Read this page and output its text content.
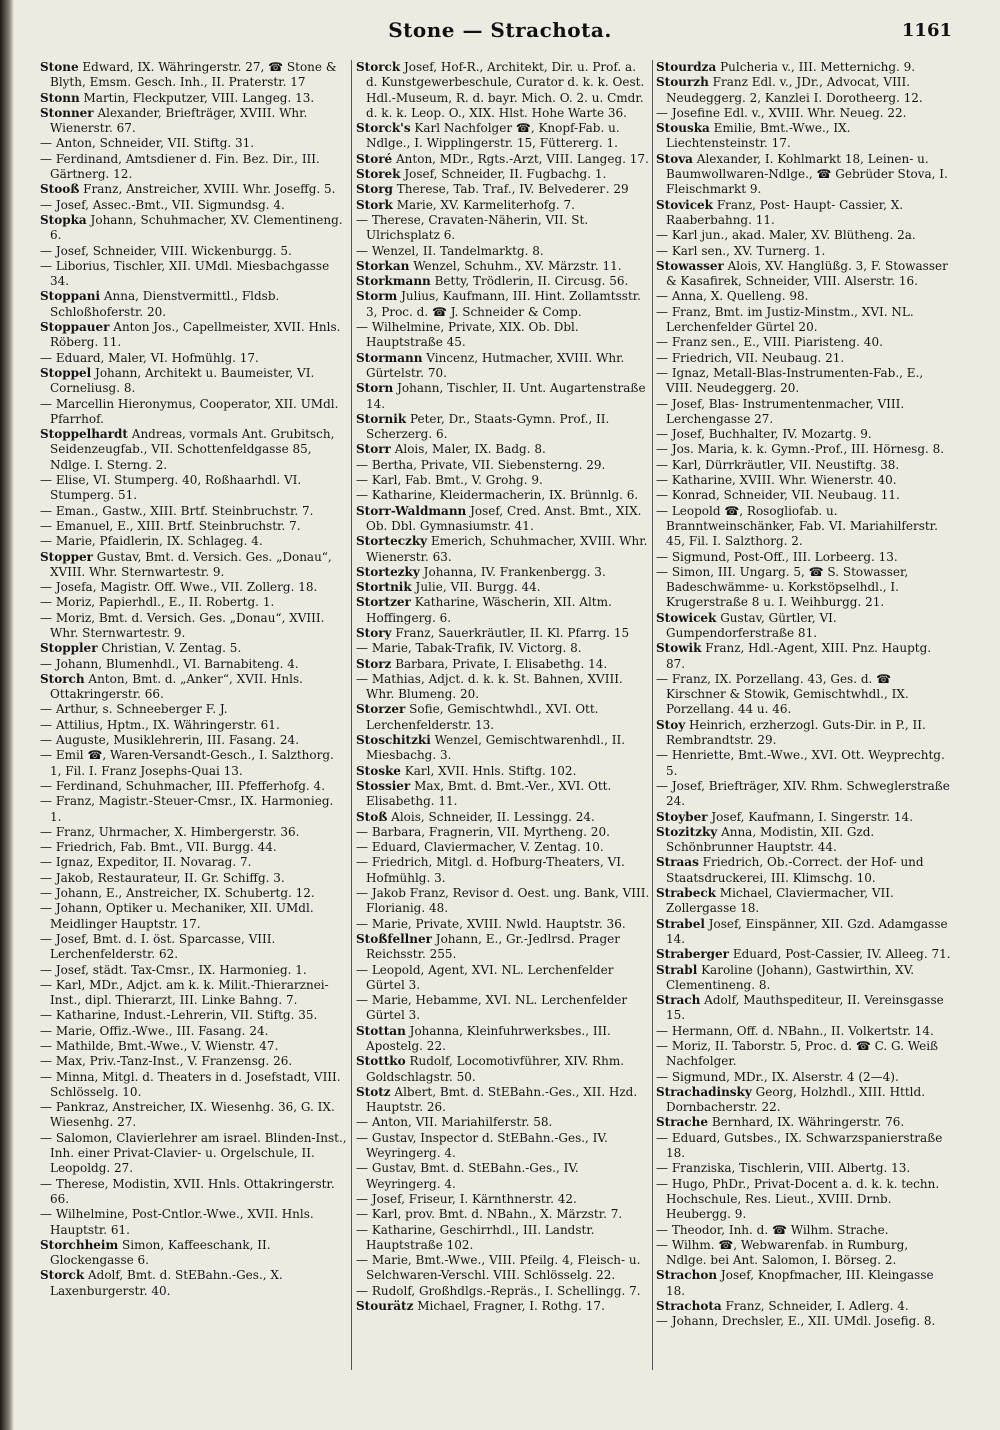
Stone — Strachota.	1161

Stone Edward, IX. Währingerstr. 27, ☎ Stone & Blyth, Emsm. Gesch. Inh., II. Praterstr. 17

Stonn Martin, Fleckputzer, VIII. Langeg. 13.

Stonner Alexander, Briefträger, XVIII. Whr. Wienerstr. 67.

— Anton, Schneider, VII. Stiftg. 31.

— Ferdinand, Amtsdiener d. Fin. Bez. Dir., III. Gärtnerg. 12.

Stooß Franz, Anstreicher, XVIII. Whr. Joseffg. 5.

— Josef, Assec.-Bmt., VII. Sigmundsg. 4.

Stopka Johann, Schuhmacher, XV. Clementineng. 6.

— Josef, Schneider, VIII. Wickenburgg. 5.

— Liborius, Tischler, XII. UMdl. Miesbachgasse 34.

Stoppani Anna, Dienstvermittl., Fldsb. Schloßhoferstr. 20.

Stoppauer Anton Jos., Capellmeister, XVII. Hnls. Röberg. 11.

— Eduard, Maler, VI. Hofmühlg. 17.

Stoppel Johann, Architekt u. Baumeister, VI. Corneliusg. 8.

— Marcellin Hieronymus, Cooperator, XII. UMdl. Pfarrhof.

Stoppelhardt Andreas, vormals Ant. Grubitsch, Seidenzeugfab., VII. Schottenfeldgasse 85, Ndlge. I. Sterng. 2.

— Elise, VI. Stumperg. 40, Roßhaarhdl. VI. Stumperg. 51.

— Eman., Gastw., XIII. Brtf. Steinbruchstr. 7.

— Emanuel, E., XIII. Brtf. Steinbruchstr. 7.

— Marie, Pfaidlerin, IX. Schlageg. 4.

Stopper Gustav, Bmt. d. Versich. Ges. „Donau“, XVIII. Whr. Sternwartestr. 9.

— Josefa, Magistr. Off. Wwe., VII. Zollerg. 18.

— Moriz, Papierhdl., E., II. Robertg. 1.

— Moriz, Bmt. d. Versich. Ges. „Donau“, XVIII. Whr. Sternwartestr. 9.

Stoppler Christian, V. Zentag. 5.

— Johann, Blumenhdl., VI. Barnabiteng. 4.

Storch Anton, Bmt. d. „Anker“, XVII. Hnls. Ottakringerstr. 66.

— Arthur, s. Schneeberger F. J.

— Attilius, Hptm., IX. Währingerstr. 61.

— Auguste, Musiklehrerin, III. Fasang. 24.

— Emil ☎, Waren-Versandt-Gesch., I. Salzthorg. 1, Fil. I. Franz Josephs-Quai 13.

— Ferdinand, Schuhmacher, III. Pfefferhofg. 4.

— Franz, Magistr.-Steuer-Cmsr., IX. Harmonieg. 1.

— Franz, Uhrmacher, X. Himbergerstr. 36.

— Friedrich, Fab. Bmt., VII. Burgg. 44.

— Ignaz, Expeditor, II. Novarag. 7.

— Jakob, Restaurateur, II. Gr. Schiffg. 3.

— Johann, E., Anstreicher, IX. Schubertg. 12.

— Johann, Optiker u. Mechaniker, XII. UMdl. Meidlinger Hauptstr. 17.

— Josef, Bmt. d. I. öst. Sparcasse, VIII. Lerchenfelderstr. 62.

— Josef, städt. Tax-Cmsr., IX. Harmonieg. 1.

— Karl, MDr., Adjct. am k. k. Milit.-Thierarznei-Inst., dipl. Thierarzt, III. Linke Bahng. 7.

— Katharine, Indust.-Lehrerin, VII. Stiftg. 35.

— Marie, Offiz.-Wwe., III. Fasang. 24.

— Mathilde, Bmt.-Wwe., V. Wienstr. 47.

— Max, Priv.-Tanz-Inst., V. Franzensg. 26.

— Minna, Mitgl. d. Theaters in d. Josefstadt, VIII. Schlösselg. 10.

— Pankraz, Anstreicher, IX. Wiesenhg. 36, G. IX. Wiesenhg. 27.

— Salomon, Clavierlehrer am israel. Blinden-Inst., Inh. einer Privat-Clavier- u. Orgelschule, II. Leopoldg. 27.

— Therese, Modistin, XVII. Hnls. Ottakringerstr. 66.

— Wilhelmine, Post-Cntlor.-Wwe., XVII. Hnls. Hauptstr. 61.

Storchheim Simon, Kaffeeschank, II. Glockengasse 6.

Storck Adolf, Bmt. d. StEBahn.-Ges., X. Laxenburgerstr. 40.

Storck Josef, Hof-R., Architekt, Dir. u. Prof. a. d. Kunstgewerbeschule, Curator d. k. k. Oest. Hdl.-Museum, R. d. bayr. Mich. O. 2. u. Cmdr. d. k. k. Leop. O., XIX. Hlst. Hohe Warte 36.

Storck's Karl Nachfolger ☎, Knopf-Fab. u. Ndlge., I. Wipplingerstr. 15, Füttererg. 1.

Storé Anton, MDr., Rgts.-Arzt, VIII. Langeg. 17.

Storek Josef, Schneider, II. Fugbachg. 1.

Storg Therese, Tab. Traf., IV. Belvederег. 29

Stork Marie, XV. Karmeliterhofg. 7.

— Therese, Cravaten-Näherin, VII. St. Ulrichsplatz 6.

— Wenzel, II. Tandelmarktg. 8.

Storkan Wenzel, Schuhm., XV. Märzstr. 11.

Storkmann Betty, Trödlerin, II. Circusg. 56.

Storm Julius, Kaufmann, III. Hint. Zollamtsstr. 3, Proc. d. ☎ J. Schneider & Comp.

— Wilhelmine, Private, XIX. Ob. Dbl. Hauptstraße 45.

Stormann Vincenz, Hutmacher, XVIII. Whr. Gürtelstr. 70.

Storn Johann, Tischler, II. Unt. Augartenstraße 14.

Stornik Peter, Dr., Staats-Gymn. Prof., II. Scherzerg. 6.

Storr Alois, Maler, IX. Badg. 8.

— Bertha, Private, VII. Siebensterng. 29.

— Karl, Fab. Bmt., V. Grohg. 9.

— Katharine, Kleidermacherin, IX. Brünnlg. 6.

Storr-Waldmann Josef, Cred. Anst. Bmt., XIX. Ob. Dbl. Gymnasiumstr. 41.

Storteczky Emerich, Schuhmacher, XVIII. Whr. Wienerstr. 63.

Stortezky Johanna, IV. Frankenbergg. 3.

Stortnik Julie, VII. Burgg. 44.

Stortzer Katharine, Wäscherin, XII. Altm. Hoffingerg. 6.

Story Franz, Sauerkräutler, II. Kl. Pfarrg. 15

— Marie, Tabak-Trafik, IV. Victorg. 8.

Storz Barbara, Private, I. Elisabethg. 14.

— Mathias, Adjct. d. k. k. St. Bahnen, XVIII. Whr. Blumeng. 20.

Storzer Sofie, Gemischtwhdl., XVI. Ott. Lerchenfelderstr. 13.

Stoschitzki Wenzel, Gemischtwarenhdl., II. Miesbachg. 3.

Stoske Karl, XVII. Hnls. Stiftg. 102.

Stossier Max, Bmt. d. Bmt.-Ver., XVI. Ott. Elisabethg. 11.

Stoß Alois, Schneider, II. Lessingg. 24.

— Barbara, Fragnerin, VII. Myrtheng. 20.

— Eduard, Claviermacher, V. Zentag. 10.

— Friedrich, Mitgl. d. Hofburg-Theaters, VI. Hofmühlg. 3.

— Jakob Franz, Revisor d. Oest. ung. Bank, VIII. Florianig. 48.

— Marie, Private, XVIII. Nwld. Hauptstr. 36.

Stoßfellner Johann, E., Gr.-Jedlrsd. Prager Reichsstr. 255.

— Leopold, Agent, XVI. NL. Lerchenfelder Gürtel 3.

— Marie, Hebamme, XVI. NL. Lerchenfelder Gürtel 3.

Stottan Johanna, Kleinfuhrwerksbes., III. Apostelg. 22.

Stottko Rudolf, Locomotivführer, XIV. Rhm. Goldschlagstr. 50.

Stotz Albert, Bmt. d. StEBahn.-Ges., XII. Hzd. Hauptstr. 26.

— Anton, VII. Mariahilferstr. 58.

— Gustav, Inspector d. StEBahn.-Ges., IV. Weyringerg. 4.

— Gustav, Bmt. d. StEBahn.-Ges., IV. Weyringerg. 4.

— Josef, Friseur, I. Kärnthnerstr. 42.

— Karl, prov. Bmt. d. NBahn., X. Märzstr. 7.

— Katharine, Geschirrhdl., III. Landstr. Hauptstraße 102.

— Marie, Bmt.-Wwe., VIII. Pfeilg. 4, Fleisch- u. Selchwaren-Verschl. VIII. Schlösselg. 22.

— Rudolf, Großhdlgs.-Repräs., I. Schellingg. 7.

Stourätz Michael, Fragner, I. Rothg. 17.

Stourdza Pulcheria v., III. Metternichg. 9.

Stourzh Franz Edl. v., JDr., Advocat, VIII. Neudeggerg. 2, Kanzlei I. Dorotheerg. 12.

— Josefine Edl. v., XVIII. Whr. Neueg. 22.

Stouska Emilie, Bmt.-Wwe., IX. Liechtensteinstr. 17.

Stova Alexander, I. Kohlmarkt 18, Leinen- u. Baumwollwaren-Ndlge., ☎ Gebrüder Stova, I. Fleischmarkt 9.

Stovicek Franz, Post- Haupt- Cassier, X. Raaberbahng. 11.

— Karl jun., akad. Maler, XV. Blütheng. 2a.

— Karl sen., XV. Turnerg. 1.

Stowasser Alois, XV. Hanglüßg. 3, F. Stowasser & Kasafirek, Schneider, VIII. Alserstr. 16.

— Anna, X. Quelleng. 98.

— Franz, Bmt. im Justiz-Minstm., XVI. NL. Lerchenfelder Gürtel 20.

— Franz sen., E., VIII. Piaristeng. 40.

— Friedrich, VII. Neubaug. 21.

— Ignaz, Metall-Blas-Instrumenten-Fab., E., VIII. Neudeggerg. 20.

— Josef, Blas- Instrumentenmacher, VIII. Lerchengasse 27.

— Josef, Buchhalter, IV. Mozartg. 9.

— Jos. Maria, k. k. Gymn.-Prof., III. Hörnesg. 8.

— Karl, Dürrkräutler, VII. Neustiftg. 38.

— Katharine, XVIII. Whr. Wienerstr. 40.

— Konrad, Schneider, VII. Neubaug. 11.

— Leopold ☎, Rosogliofab. u. Branntweinschänker, Fab. VI. Mariahilferstr. 45, Fil. I. Salzthorg. 2.

— Sigmund, Post-Off., III. Lorbeerg. 13.

— Simon, III. Ungarg. 5, ☎ S. Stowasser, Badeschwämme- u. Korkstöpselhdl., I. Krugerstraße 8 u. I. Weihburgg. 21.

Stowicek Gustav, Gürtler, VI. Gumpendorferstraße 81.

Stowik Franz, Hdl.-Agent, XIII. Pnz. Hauptg. 87.

— Franz, IX. Porzellang. 43, Ges. d. ☎ Kirschner & Stowik, Gemischtwhdl., IX. Porzellang. 44 u. 46.

Stoy Heinrich, erzherzogl. Guts-Dir. in P., II. Rembrandtstr. 29.

— Henriette, Bmt.-Wwe., XVI. Ott. Weyprechtg. 5.

— Josef, Briefträger, XIV. Rhm. Schweglerstraße 24.

Stoyber Josef, Kaufmann, I. Singerstr. 14.

Stozitzky Anna, Modistin, XII. Gzd. Schönbrunner Hauptstr. 44.

Straas Friedrich, Ob.-Correct. der Hof- und Staatsdruckerei, III. Klimschg. 10.

Strabeck Michael, Claviermacher, VII. Zollergasse 18.

Strabel Josef, Einspänner, XII. Gzd. Adamgasse 14.

Straberger Eduard, Post-Cassier, IV. Alleeg. 71.

Strabl Karoline (Johann), Gastwirthin, XV. Clementineng. 8.

Strach Adolf, Mauthspediteur, II. Vereinsgasse 15.

— Hermann, Off. d. NBahn., II. Volkertstr. 14.

— Moriz, II. Taborstr. 5, Proc. d. ☎ C. G. Weiß Nachfolger.

— Sigmund, MDr., IX. Alserstr. 4 (2—4).

Strachadinsky Georg, Holzhdl., XIII. Httld. Dornbacherstr. 22.

Strache Bernhard, IX. Währingerstr. 76.

— Eduard, Gutsbes., IX. Schwarzspanierstraße 18.

— Franziska, Tischlerin, VIII. Albertg. 13.

— Hugo, PhDr., Privat-Docent a. d. k. k. techn. Hochschule, Res. Lieut., XVIII. Drnb. Heubergg. 9.

— Theodor, Inh. d. ☎ Wilhm. Strache.

— Wilhm. ☎, Webwarenfab. in Rumburg, Ndlge. bei Ant. Salomon, I. Börseg. 2.

Strachon Josef, Knopfmacher, III. Kleingasse 18.

Strachota Franz, Schneider, I. Adlerg. 4.

— Johann, Drechsler, E., XII. UMdl. Josefig. 8.
